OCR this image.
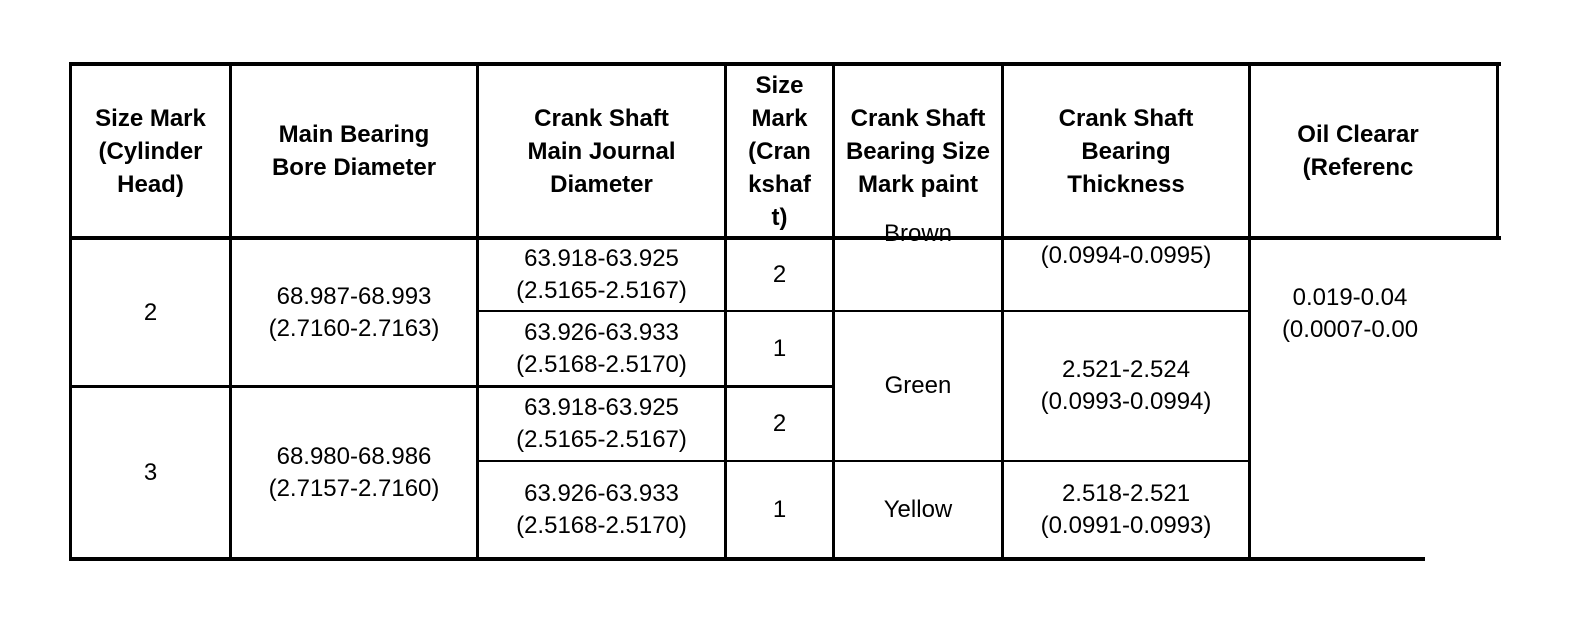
Size Mark (Cylinder Head)
Main Bearing Bore Diameter
Crank Shaft Main Journal Diameter
Size Mark (Cran kshaf t)
Crank Shaft Bearing Size Mark paint
Crank Shaft Bearing Thickness
Oil Clearar (Referenc
2
3
68.987-68.993 (2.7160-2.7163)
68.980-68.986 (2.7157-2.7160)
63.918-63.925 (2.5165-2.5167)
63.926-63.933 (2.5168-2.5170)
63.918-63.925 (2.5165-2.5167)
63.926-63.933 (2.5168-2.5170)
2
1
2
1
Brown
Green
Yellow
(0.0994-0.0995)
2.521-2.524 (0.0993-0.0994)
2.518-2.521 (0.0991-0.0993)
0.019-0.04 (0.0007-0.00
